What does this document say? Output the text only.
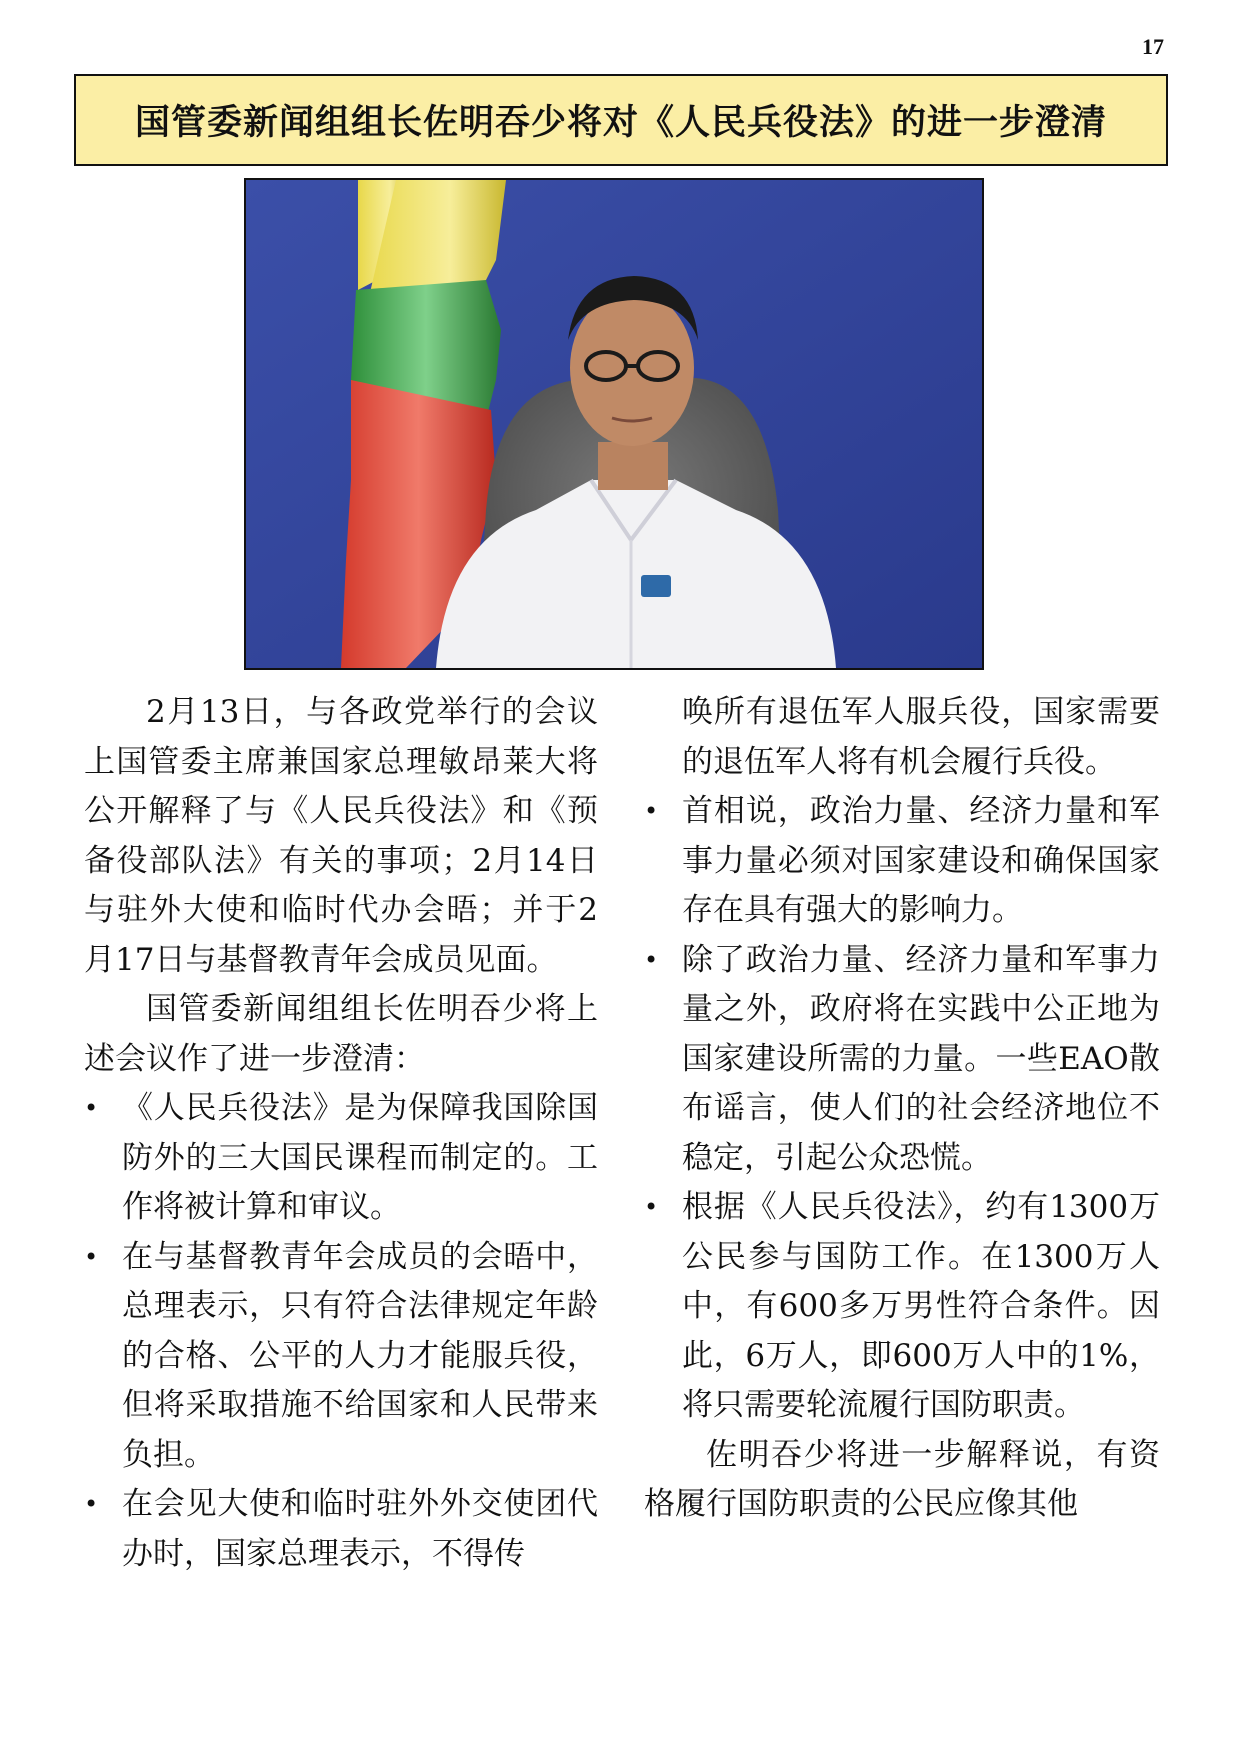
17
国管委新闻组组长佐明吞少将对《人民兵役法》的进一步澄清

2月13日，与各政党举行的会议上国管委主席兼国家总理敏昂莱大将公开解释了与《人民兵役法》和《预备役部队法》有关的事项；2月14日与驻外大使和临时代办会晤；并于2月17日与基督教青年会成员见面。

国管委新闻组组长佐明吞少将上述会议作了进一步澄清：

• 《人民兵役法》是为保障我国除国防外的三大国民课程而制定的。工作将被计算和审议。
• 在与基督教青年会成员的会晤中，总理表示，只有符合法律规定年龄的合格、公平的人力才能服兵役，但将采取措施不给国家和人民带来负担。
• 在会见大使和临时驻外外交使团代办时，国家总理表示，不得传
唤所有退伍军人服兵役，国家需要的退伍军人将有机会履行兵役。
• 首相说，政治力量、经济力量和军事力量必须对国家建设和确保国家存在具有强大的影响力。
• 除了政治力量、经济力量和军事力量之外，政府将在实践中公正地为国家建设所需的力量。一些EAO散布谣言，使人们的社会经济地位不稳定，引起公众恐慌。
• 根据《人民兵役法》，约有1300万公民参与国防工作。在1300万人中，有600多万男性符合条件。因此，6万人，即600万人中的1%，将只需要轮流履行国防职责。

佐明吞少将进一步解释说，有资格履行国防职责的公民应像其他
